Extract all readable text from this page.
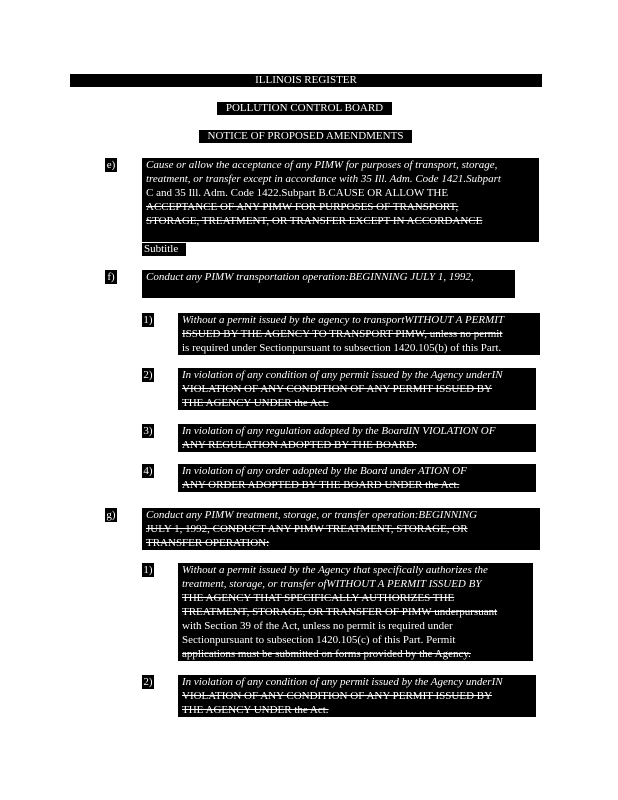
ILLINOIS REGISTER
POLLUTION CONTROL BOARD
NOTICE OF PROPOSED AMENDMENTS
e)	Cause or allow the acceptance of any PIMW for purposes of transport, storage,
treatment, or transfer except in accordance with 35 Ill. Adm. Code 1421.Subpart
C and 35 Ill. Adm. Code 1422.Subpart B.CAUSE OR ALLOW THE
ACCEPTANCE OF ANY PIMW FOR PURPOSES OF TRANSPORT,
STORAGE, TREATMENT, OR TRANSFER EXCEPT IN ACCORDANCE
Subtitle
f)	Conduct any PIMW transportation operation:BEGINNING JULY 1, 1992,
1)	Without a permit issued by the agency to transportWITHOUT A PERMIT
ISSUED BY THE AGENCY TO TRANSPORT PIMW, unless no permit
is required under Sectionpursuant to subsection 1420.105(b) of this Part.
2)	In violation of any condition of any permit issued by the Agency underIN
VIOLATION OF ANY CONDITION OF ANY PERMIT ISSUED BY
THE AGENCY UNDER the Act.
3)	In violation of any regulation adopted by the BoardIN VIOLATION OF
ANY REGULATION ADOPTED BY THE BOARD.
4)	In violation of any order adopted by the Board under ATION OF
ANY ORDER ADOPTED BY THE BOARD UNDER the Act.
g)	Conduct any PIMW treatment, storage, or transfer operation:BEGINNING
JULY 1, 1992, CONDUCT ANY PIMW TREATMENT, STORAGE, OR
TRANSFER OPERATION:
1)	Without a permit issued by the Agency that specifically authorizes the
treatment, storage, or transfer ofWITHOUT A PERMIT ISSUED BY
THE AGENCY THAT SPECIFICALLY AUTHORIZES THE
TREATMENT, STORAGE, OR TRANSFER OF PIMW underpursuant
with Section 39 of the Act, unless no permit is required under
Sectionpursuant to subsection 1420.105(c) of this Part. Permit
applications must be submitted on forms provided by the Agency.
2)	In violation of any condition of any permit issued by the Agency underIN
VIOLATION OF ANY CONDITION OF ANY PERMIT ISSUED BY
THE AGENCY UNDER the Act.
